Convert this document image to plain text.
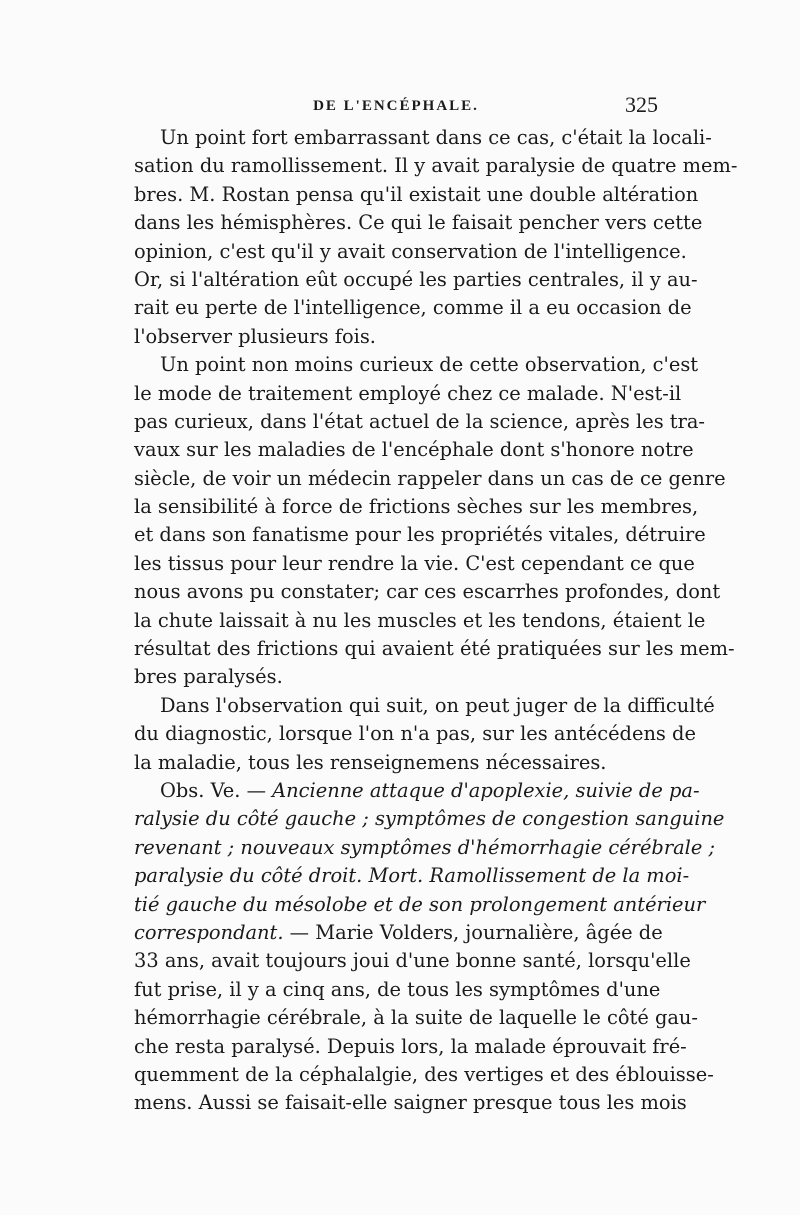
DE L'ENCÉPHALE.	325
Un point fort embarrassant dans ce cas, c'était la locali-
sation du ramollissement. Il y avait paralysie de quatre mem-
bres. M. Rostan pensa qu'il existait une double altération
dans les hémisphères. Ce qui le faisait pencher vers cette
opinion, c'est qu'il y avait conservation de l'intelligence.
Or, si l'altération eût occupé les parties centrales, il y au-
rait eu perte de l'intelligence, comme il a eu occasion de
l'observer plusieurs fois.
Un point non moins curieux de cette observation, c'est
le mode de traitement employé chez ce malade. N'est-il
pas curieux, dans l'état actuel de la science, après les tra-
vaux sur les maladies de l'encéphale dont s'honore notre
siècle, de voir un médecin rappeler dans un cas de ce genre
la sensibilité à force de frictions sèches sur les membres,
et dans son fanatisme pour les propriétés vitales, détruire
les tissus pour leur rendre la vie. C'est cependant ce que
nous avons pu constater; car ces escarrhes profondes, dont
la chute laissait à nu les muscles et les tendons, étaient le
résultat des frictions qui avaient été pratiquées sur les mem-
bres paralysés.
Dans l'observation qui suit, on peut juger de la difficulté
du diagnostic, lorsque l'on n'a pas, sur les antécédens de
la maladie, tous les renseignemens nécessaires.
Obs. Ve. — Ancienne attaque d'apoplexie, suivie de pa-
ralysie du côté gauche ; symptômes de congestion sanguine
revenant ; nouveaux symptômes d'hémorrhagie cérébrale ;
paralysie du côté droit. Mort. Ramollissement de la moi-
tié gauche du mésolobe et de son prolongement antérieur
correspondant. — Marie Volders, journalière, âgée de
33 ans, avait toujours joui d'une bonne santé, lorsqu'elle
fut prise, il y a cinq ans, de tous les symptômes d'une
hémorrhagie cérébrale, à la suite de laquelle le côté gau-
che resta paralysé. Depuis lors, la malade éprouvait fré-
quemment de la céphalalgie, des vertiges et des éblouisse-
mens. Aussi se faisait-elle saigner presque tous les mois
